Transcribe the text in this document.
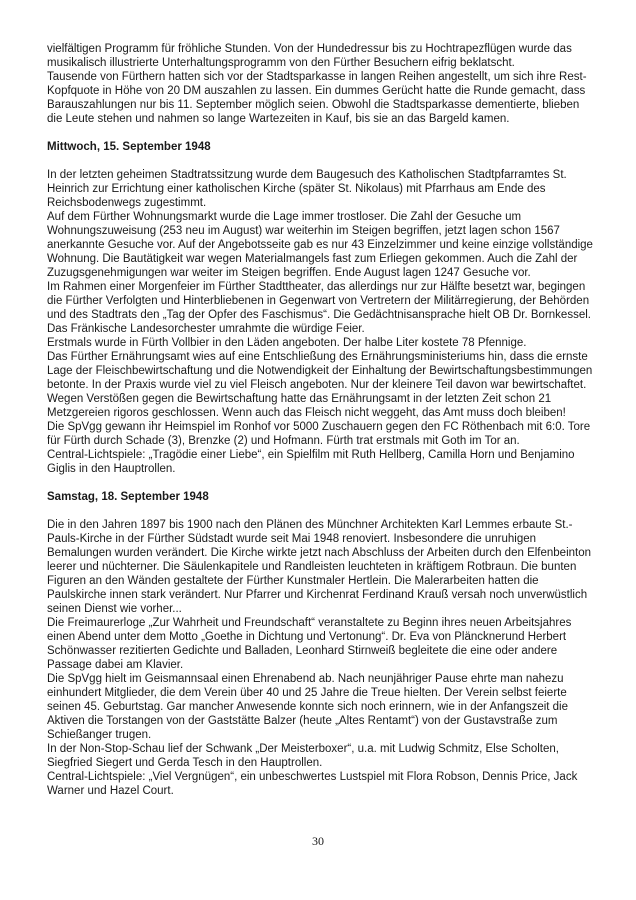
vielfältigen Programm für fröhliche Stunden. Von der Hundedressur bis zu Hochtrapezflügen wurde das musikalisch illustrierte Unterhaltungsprogramm von den Fürther Besuchern eifrig beklatscht.

Tausende von Fürthern hatten sich vor der Stadtsparkasse in langen Reihen angestellt, um sich ihre Rest-Kopfquote in Höhe von 20 DM auszahlen zu lassen. Ein dummes Gerücht hatte die Runde gemacht, dass Barauszahlungen nur bis 11. September möglich seien. Obwohl die Stadtsparkasse dementierte, blieben die Leute stehen und nahmen so lange Wartezeiten in Kauf, bis sie an das Bargeld kamen.

Mittwoch, 15. September 1948

In der letzten geheimen Stadtratssitzung wurde dem Baugesuch des Katholischen Stadtpfarramtes St. Heinrich zur Errichtung einer katholischen Kirche (später St. Nikolaus) mit Pfarrhaus am Ende des Reichsbodenwegs zugestimmt.

Auf dem Fürther Wohnungsmarkt wurde die Lage immer trostloser. Die Zahl der Gesuche um Wohnungszuweisung (253 neu im August) war weiterhin im Steigen begriffen, jetzt lagen schon 1567 anerkannte Gesuche vor. Auf der Angebotsseite gab es nur 43 Einzelzimmer und keine einzige vollständige Wohnung. Die Bautätigkeit war wegen Materialmangels fast zum Erliegen gekommen. Auch die Zahl der Zuzugsgenehmigungen war weiter im Steigen begriffen. Ende August lagen 1247 Gesuche vor.

Im Rahmen einer Morgenfeier im Fürther Stadttheater, das allerdings nur zur Hälfte besetzt war, begingen die Fürther Verfolgten und Hinterbliebenen in Gegenwart von Vertretern der Militärregierung, der Behörden und des Stadtrats den „Tag der Opfer des Faschismus“. Die Gedächtnisansprache hielt OB Dr. Bornkessel. Das Fränkische Landesorchester umrahmte die würdige Feier.

Erstmals wurde in Fürth Vollbier in den Läden angeboten. Der halbe Liter kostete 78 Pfennige.

Das Fürther Ernährungsamt wies auf eine Entschließung des Ernährungsministeriums hin, dass die ernste Lage der Fleischbewirtschaftung und die Notwendigkeit der Einhaltung der Bewirtschaftungsbestimmungen betonte. In der Praxis wurde viel zu viel Fleisch angeboten. Nur der kleinere Teil davon war bewirtschaftet. Wegen Verstößen gegen die Bewirtschaftung hatte das Ernährungsamt in der letzten Zeit schon 21 Metzgereien rigoros geschlossen. Wenn auch das Fleisch nicht weggeht, das Amt muss doch bleiben!

Die SpVgg gewann ihr Heimspiel im Ronhof vor 5000 Zuschauern gegen den FC Röthenbach mit 6:0. Tore für Fürth durch Schade (3), Brenzke (2) und Hofmann. Fürth trat erstmals mit Goth im Tor an.

Central-Lichtspiele: „Tragödie einer Liebe“, ein Spielfilm mit Ruth Hellberg, Camilla Horn und Benjamino Giglis in den Hauptrollen.

Samstag, 18. September 1948

Die in den Jahren 1897 bis 1900 nach den Plänen des Münchner Architekten Karl Lemmes erbaute St.-Pauls-Kirche in der Fürther Südstadt wurde seit Mai 1948 renoviert. Insbesondere die unruhigen Bemalungen wurden verändert. Die Kirche wirkte jetzt nach Abschluss der Arbeiten durch den Elfenbeinton leerer und nüchterner. Die Säulenkapitele und Randleisten leuchteten in kräftigem Rotbraun. Die bunten Figuren an den Wänden gestaltete der Fürther Kunstmaler Hertlein. Die Malerarbeiten hatten die Paulskirche innen stark verändert. Nur Pfarrer und Kirchenrat Ferdinand Krauß versah noch unverwüstlich seinen Dienst wie vorher...

Die Freimaurerloge „Zur Wahrheit und Freundschaft“ veranstaltete zu Beginn ihres neuen Arbeitsjahres einen Abend unter dem Motto „Goethe in Dichtung und Vertonung“. Dr. Eva von Pläncknerund Herbert Schönwasser rezitierten Gedichte und Balladen, Leonhard Stirnweiß begleitete die eine oder andere Passage dabei am Klavier.

Die SpVgg hielt im Geismannsaal einen Ehrenabend ab. Nach neunjähriger Pause ehrte man nahezu einhundert Mitglieder, die dem Verein über 40 und 25 Jahre die Treue hielten. Der Verein selbst feierte seinen 45. Geburtstag. Gar mancher Anwesende konnte sich noch erinnern, wie in der Anfangszeit die Aktiven die Torstangen von der Gaststätte Balzer (heute „Altes Rentamt“) von der Gustavstraße zum Schießanger trugen.

In der Non-Stop-Schau lief der Schwank „Der Meisterboxer“, u.a. mit Ludwig Schmitz, Else Scholten, Siegfried Siegert und Gerda Tesch in den Hauptrollen.

Central-Lichtspiele: „Viel Vergnügen“, ein unbeschwertes Lustspiel mit Flora Robson, Dennis Price, Jack Warner und Hazel Court.

30
